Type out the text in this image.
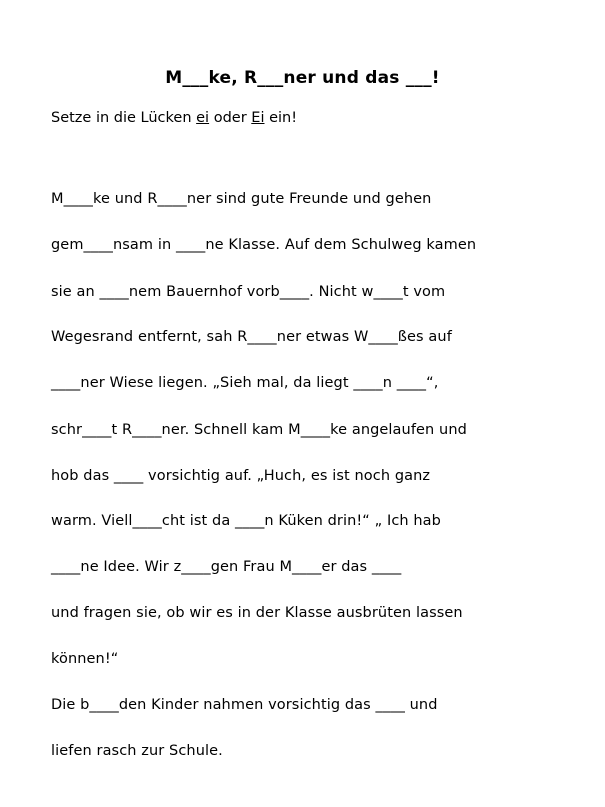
M___ke, R___ner und das ___!
Setze in die Lücken ei oder Ei ein!
M____ke und R____ner sind gute Freunde und gehen
gem____nsam in ____ne Klasse. Auf dem Schulweg kamen
sie an ____nem Bauernhof vorb____. Nicht w____t vom
Wegesrand entfernt, sah R____ner etwas W____ßes auf
____ner Wiese liegen. „Sieh mal, da liegt ____n ____“,
schr____t R____ner. Schnell kam M____ke angelaufen und
hob das ____ vorsichtig auf. „Huch, es ist noch ganz
warm. Viell____cht ist da ____n Küken drin!“ „ Ich hab
____ne Idee. Wir z____gen Frau M____er das ____
und fragen sie, ob wir es in der Klasse ausbrüten lassen
können!“
Die b____den Kinder nahmen vorsichtig das ____ und
liefen rasch zur Schule.
